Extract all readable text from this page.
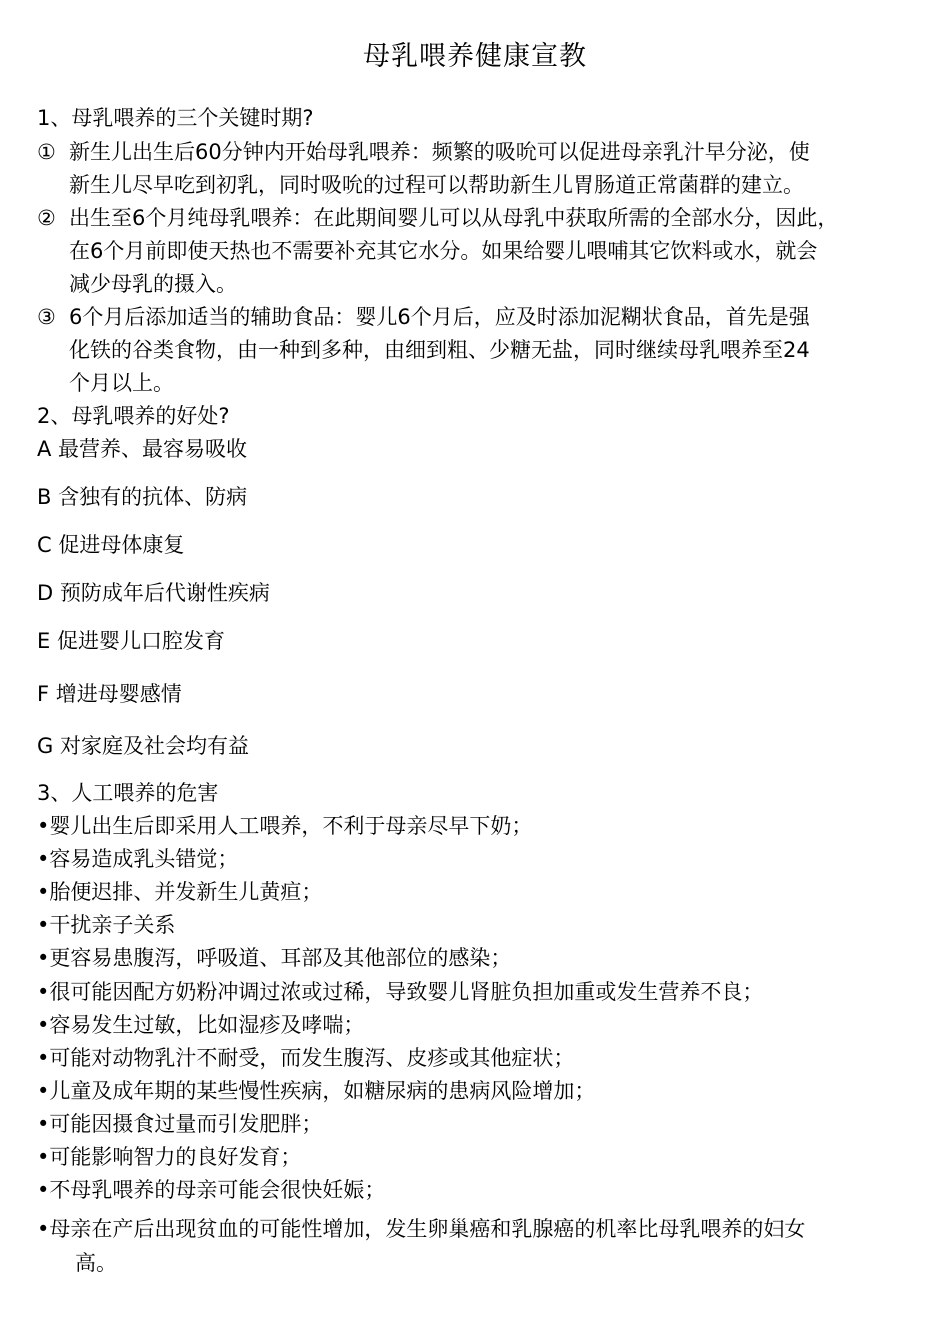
母乳喂养健康宣教
1、母乳喂养的三个关键时期?
① 新生儿出生后60分钟内开始母乳喂养：频繁的吸吮可以促进母亲乳汁早分泌，使
新生儿尽早吃到初乳，同时吸吮的过程可以帮助新生儿胃肠道正常菌群的建立。
② 出生至6个月纯母乳喂养：在此期间婴儿可以从母乳中获取所需的全部水分，因此，
在6个月前即使天热也不需要补充其它水分。如果给婴儿喂哺其它饮料或水，就会
减少母乳的摄入。
③ 6个月后添加适当的辅助食品：婴儿6个月后，应及时添加泥糊状食品，首先是强
化铁的谷类食物，由一种到多种，由细到粗、少糖无盐，同时继续母乳喂养至24
个月以上。
2、母乳喂养的好处?
A 最营养、最容易吸收
B 含独有的抗体、防病
C 促进母体康复
D 预防成年后代谢性疾病
E 促进婴儿口腔发育
F 增进母婴感情
G 对家庭及社会均有益
3、人工喂养的危害
•婴儿出生后即采用人工喂养，不利于母亲尽早下奶；
•容易造成乳头错觉；
•胎便迟排、并发新生儿黄疸；
•干扰亲子关系
•更容易患腹泻，呼吸道、耳部及其他部位的感染；
•很可能因配方奶粉冲调过浓或过稀，导致婴儿肾脏负担加重或发生营养不良；
•容易发生过敏，比如湿疹及哮喘；
•可能对动物乳汁不耐受，而发生腹泻、皮疹或其他症状；
•儿童及成年期的某些慢性疾病，如糖尿病的患病风险增加；
•可能因摄食过量而引发肥胖；
•可能影响智力的良好发育；
•不母乳喂养的母亲可能会很快妊娠；
•母亲在产后出现贫血的可能性增加，发生卵巢癌和乳腺癌的机率比母乳喂养的妇女
高。
